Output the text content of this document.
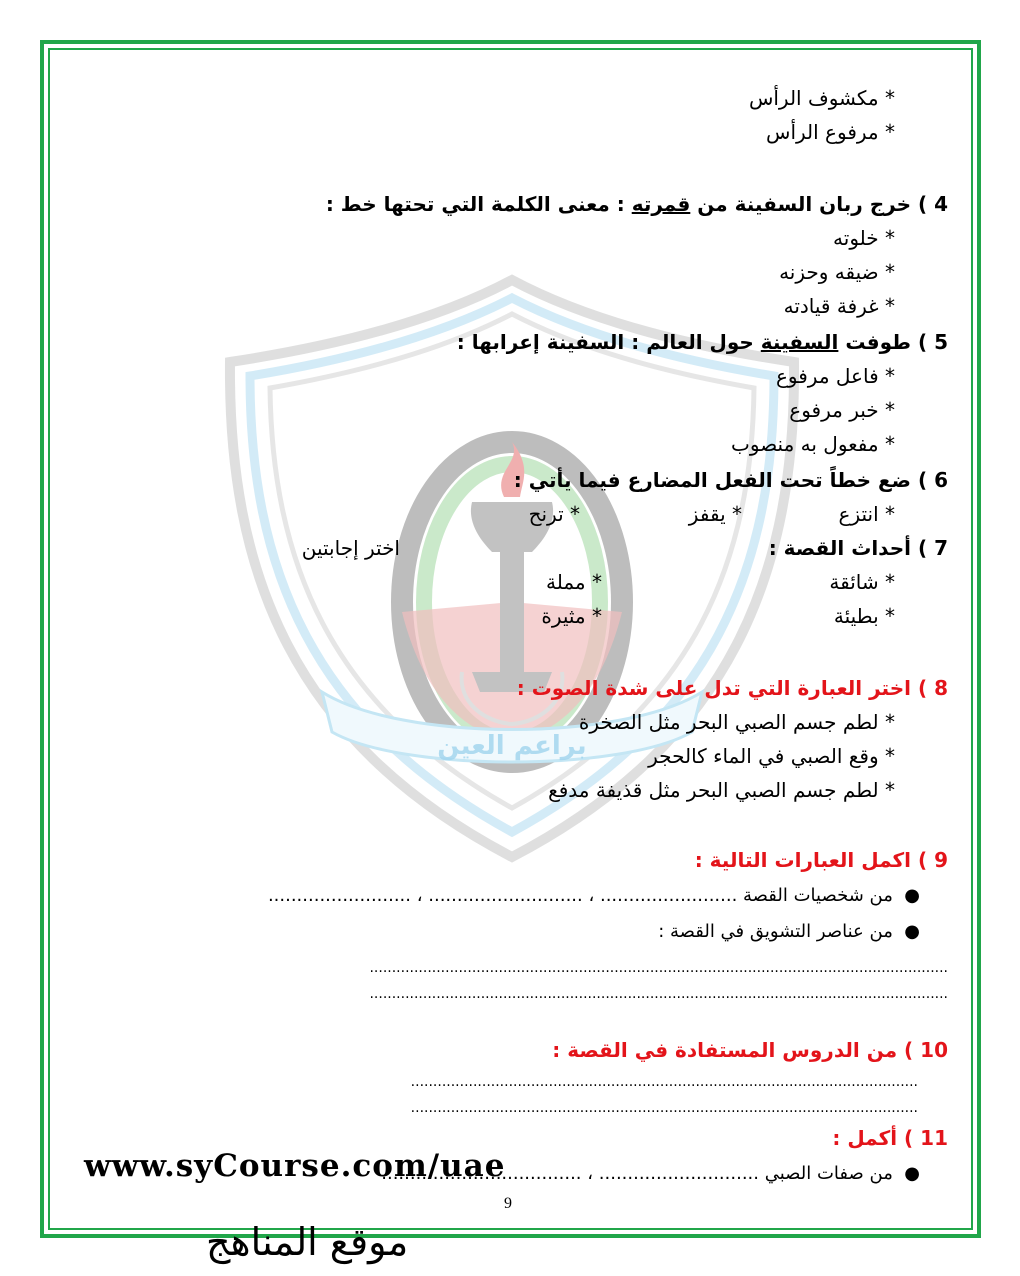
براعم العين
* مكشوف الرأس
* مرفوع الرأس
4 ) خرج ربان السفينة من قمرته : معنى الكلمة التي تحتها خط :
* خلوته
* ضيقه وحزنه
* غرفة قيادته
5 ) طوفت السفينة حول العالم : السفينة إعرابها :
* فاعل مرفوع
* خبر مرفوع
* مفعول به منصوب
6 ) ضع خطاً تحت الفعل المضارع فيما يأتي :
* انتزع
* يقفز
* ترنح
7 ) أحداث القصة :
اختر إجابتين
* شائقة
* مملة
* بطيئة
* مثيرة
8 ) اختر العبارة التي تدل على شدة الصوت :
* لطم جسم الصبي البحر مثل الصخرة
* وقع الصبي في الماء كالحجر
* لطم جسم الصبي البحر مثل قذيفة مدفع
9 ) اكمل العبارات التالية :
●  من شخصيات القصة ........................ ، ........................... ، .........................
●  من عناصر التشويق في القصة :
..................................................................................................................................
..................................................................................................................................
10 ) من الدروس المستفادة في القصة :
..................................................................................................................
..................................................................................................................
11 ) أكمل :
●  من صفات الصبي ............................ ، ...................................
www.syCourse.com/uae
9
موقع المناهج
